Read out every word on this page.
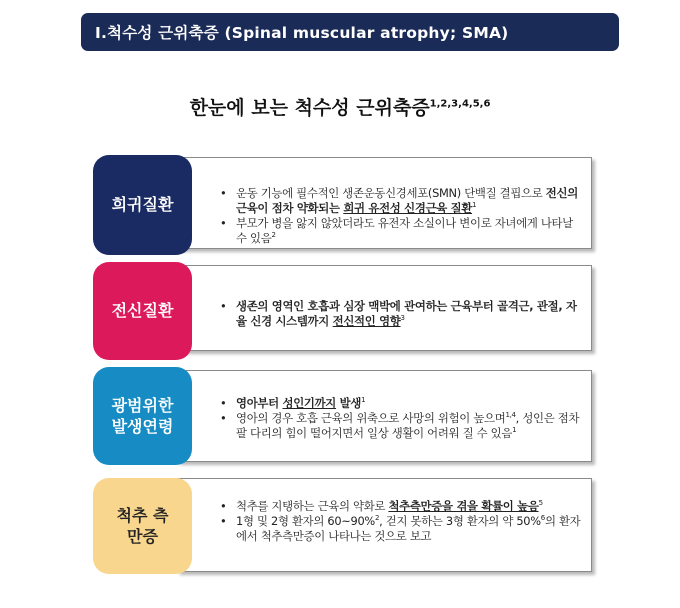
Ⅰ.척수성 근위축증 (Spinal muscular atrophy; SMA)
한눈에 보는 척수성 근위축증$^{1,2,3,4,5,6}$
• 운동 기능에 필수적인 생존운동신경세포(SMN) 단백질 결핍으로 전신의 근육이 점차 약화되는 희귀 유전성 신경근육 질환$^1$
• 부모가 병을 앓지 않았더라도 유전자 소실이나 변이로 자녀에게 나타날 수 있음$^2$
희귀질환
• 생존의 영역인 호흡과 심장 맥박에 관여하는 근육부터 골격근, 관절, 자율 신경 시스템까지 전신적인 영향$^3$
전신질환
• 영아부터 성인기까지 발생$^1$
• 영아의 경우 호흡 근육의 위축으로 사망의 위험이 높으며$^{1,4}$, 성인은 점차 팔 다리의 힘이 떨어지면서 일상 생활이 어려워 질 수 있음$^1$
광범위한 발생연령
• 척추를 지탱하는 근육의 약화로 척추측만증을 겪을 확률이 높음$^5$
• 1형 및 2형 환자의 60~90%$^2$, 걷지 못하는 3형 환자의 약 50%$^6$의 환자에서 척추측만증이 나타나는 것으로 보고
척추 측만증
